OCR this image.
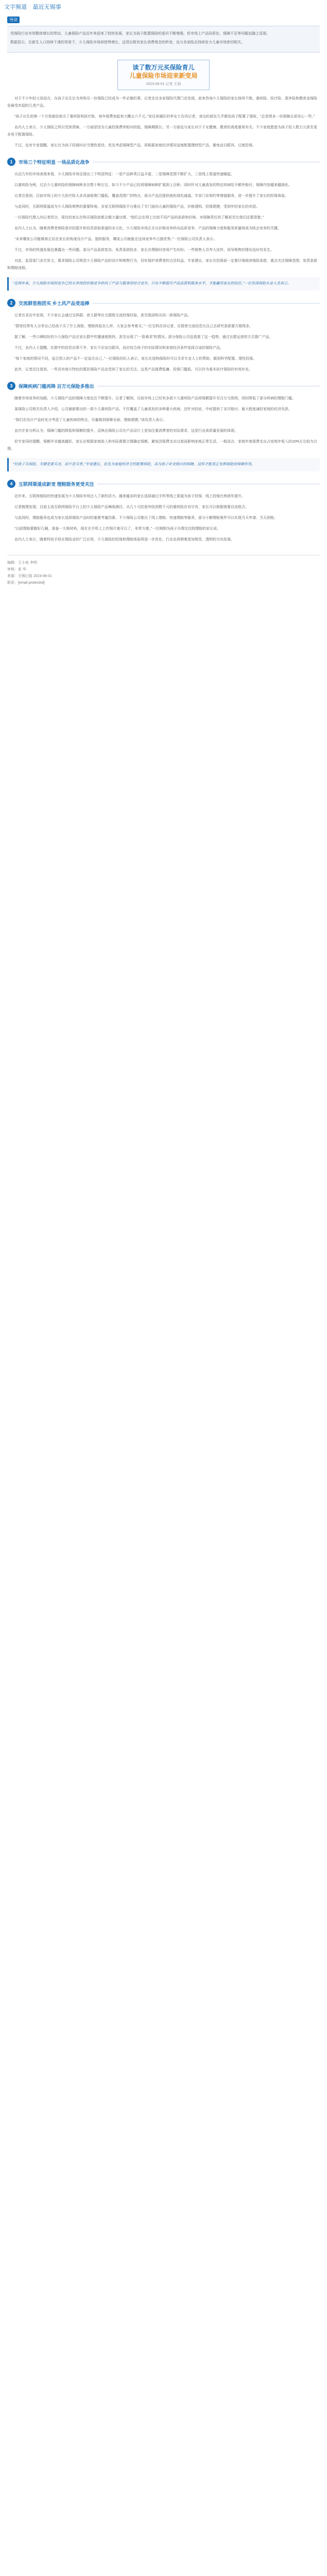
文字频道 · 最近无锡事
导读

受保险行业市场整体增长的带动，儿童保险产品近年来迎来了较快发展，家长为孩子配置保险的意识不断增强，但市场上产品同质化、保障不足等问题也随之显现。

数据显示，在新生人口持续下滑的背景下，少儿保险市场却逆势增长，这背后既有家长消费观念的转变，也与各家险企持续发力儿童市场密切相关。

读了数万元买保险育儿

儿童保险市场迎来新变局

2023-06-01 记者 王雨

对于不少年轻父母而言，在孩子出生后为其购买一份保险已经成为一件必做的事。记者走访多家保险代理门店发现，前来咨询少儿保险的家长络绎不绝，重疾险、医疗险、意外险和教育金保险是最受欢迎的几类产品。

“孩子出生的第一个月我就给他买了重疾险和医疗险，每年保费加起来大概五六千元。”家住滨湖区的李女士告诉记者，身边的朋友几乎都给孩子配置了保险，“总觉得多一份保障会更安心一些。”

业内人士表示，少儿保险之所以受到青睐，一方面是因为儿童投保费率相对较低，保障期限长；另一方面也与家长对于子女健康、教育的高度重视有关。不少家庭愿意为孩子投入数万元甚至更多用于配置保险。

不过，也有专家提醒，家长在为孩子投保时应当理性看待，优先考虑保障型产品，再根据家庭经济情况适度配置理财型产品，避免盲目跟风、过度投保。

1	市场三个特征明显 一场品质化战争

从近几年的市场表现来看，少儿保险市场呈现出三个明显特征：一是产品种类日益丰富，二是保障范围不断扩大，三是线上渠道快速崛起。

以重疾险为例，过去少儿重疾险的保障病种多在数十种左右，如今不少产品已经将保障病种扩展到上百种，同时针对儿童高发的特定疾病给予额外赔付，保障内容越来越细化。

记者注意到，目前市场上的少儿医疗险大多具备报销门槛低、覆盖范围广的特点，部分产品还提供就医绿色通道、专家门诊预约等增值服务，进一步提升了家长的投保体验。

与此同时，互联网渠道成为少儿保险销售的重要阵地。多家互联网保险平台推出了专门面向儿童的保险产品，价格透明、投保便捷，受到年轻家长的欢迎。

一位保险代理人向记者坦言，现在的家长在购买保险前都会做大量功课，“他们会在网上比较不同产品的条款和价格，对保障责任的了解甚至比我们还要清楚。”

业内人士认为，随着消费者保险意识的提升和信息获取渠道的多元化，少儿保险市场正在从价格竞争转向品质竞争，产品的保障力度和服务质量将成为险企竞争的关键。

“未来哪家公司能够真正站在家长的角度设计产品、提供服务，哪家公司就能在这场竞争中占据优势。”一位保险公司负责人表示。

不过，市场的快速发展也暴露出一些问题。部分产品条款复杂、免责条款较多，家长在理赔时容易产生纠纷；一些销售人员夸大宣传、误导销售的情况也时有发生。

对此，监管部门多次发文，要求保险公司规范少儿保险产品的设计和销售行为，切实保护消费者的合法权益。专家建议，家长在投保前一定要仔细阅读保险条款，重点关注保障范围、免责条款和理赔流程。

“近两年来，少儿保险市场的竞争已经从单纯的价格竞争转向了产品与服务的综合竞争，只有不断提升产品品质和服务水平，才能赢得家长的信任。”一位资深保险从业人员表示。

2	交流群里抱团买 乡土风产品受追捧

记者在采访中发现，不少家长会通过宝妈群、育儿群等社交群组交流投保经验，甚至组团购买同一款保险产品。

“群里经常有人分享自己给孩子买了什么保险，理赔体验怎么样，大家会参考着买。”一位宝妈告诉记者，在群里交流信息比自己去研究条款要方便得多。

据了解，一些口碑较好的少儿保险产品在家长群中传播速度极快，甚至出现了“一险难求”的情况。部分保险公司也看准了这一趋势，通过社群运营的方式推广产品。

不过，业内人士提醒，社群中的信息良莠不齐，家长不应盲目跟风，而应结合孩子的实际情况和家庭经济条件选择合适的保险产品。

“每个家庭的情况不同，适合别人的产品不一定适合自己。”一位保险经纪人表示，家长在选购保险时可以寻求专业人士的帮助，做到科学配置、理性投保。

此外，记者还注意到，一些具有地方特色的惠民保险产品也受到了家长的关注。这类产品保费低廉、投保门槛低，可以作为基本医疗保险的有效补充。

3	保障疾病门槛再降 百万元保险多推出

随着市场竞争的加剧，少儿保险产品的保障力度也在不断提升。记者了解到，目前市场上已经有多款少儿重疾险产品将保额提升至百万元级别，同时降低了部分疾病的理赔门槛。

某保险公司相关负责人介绍，公司最新推出的一款少儿重疾险产品，不仅覆盖了儿童高发的多种重大疾病，还针对轻症、中症提供了多次赔付，最大程度减轻家庭的经济负担。

“我们在设计产品时充分考虑了儿童疾病的特点，尽量做到保障全面、理赔便捷。”该负责人表示。

业内专家分析认为，保障门槛的降低和保额的提升，反映出保险公司在产品设计上更加注重消费者的实际需求，这是行业高质量发展的体现。

但专家同时提醒，保额并非越高越好，家长应根据家庭收入和实际需要合理确定保额，避免因保费支出过高而影响家庭正常生活。一般而言，家庭年度保费支出占家庭年收入的10%左右较为合理。

“给孩子买保险，关键是要买对，而不是买贵。”专家建议，优先为家庭经济支柱配置保险，再为孩子补充相应的保障，这样才能真正发挥保险的保障作用。

4	互联网渠道成新宠 理赔服务更受关注

近年来，互联网保险的快速发展为少儿保险市场注入了新的活力。越来越多的家长选择通过手机等线上渠道为孩子投保，线上投保比例逐年提升。

记者梳理发现，目前主流互联网保险平台上的少儿保险产品琳琅满目，从几十元的意外险到数千元的重疾险应有尽有，家长可以根据需要自由组合。

与此同时，理赔服务也成为家长选择保险产品时的重要考量因素。不少保险公司推出了线上理赔、快速理赔等服务，部分小额理赔案件可以实现当天申请、当天到账。

“以前理赔要跑好几趟，准备一大堆材料，现在在手机上上传照片就可以了，非常方便。”一位刚刚为孩子办理完住院理赔的家长说。

业内人士表示，随着科技手段在保险业的广泛应用，少儿保险的投保和理赔体验将进一步优化，行业也将朝着更加规范、透明的方向发展。

编辑：王小鱼 李明
审核：张 华
来源：无锡日报 2023-06-01
联系：[email protected]
